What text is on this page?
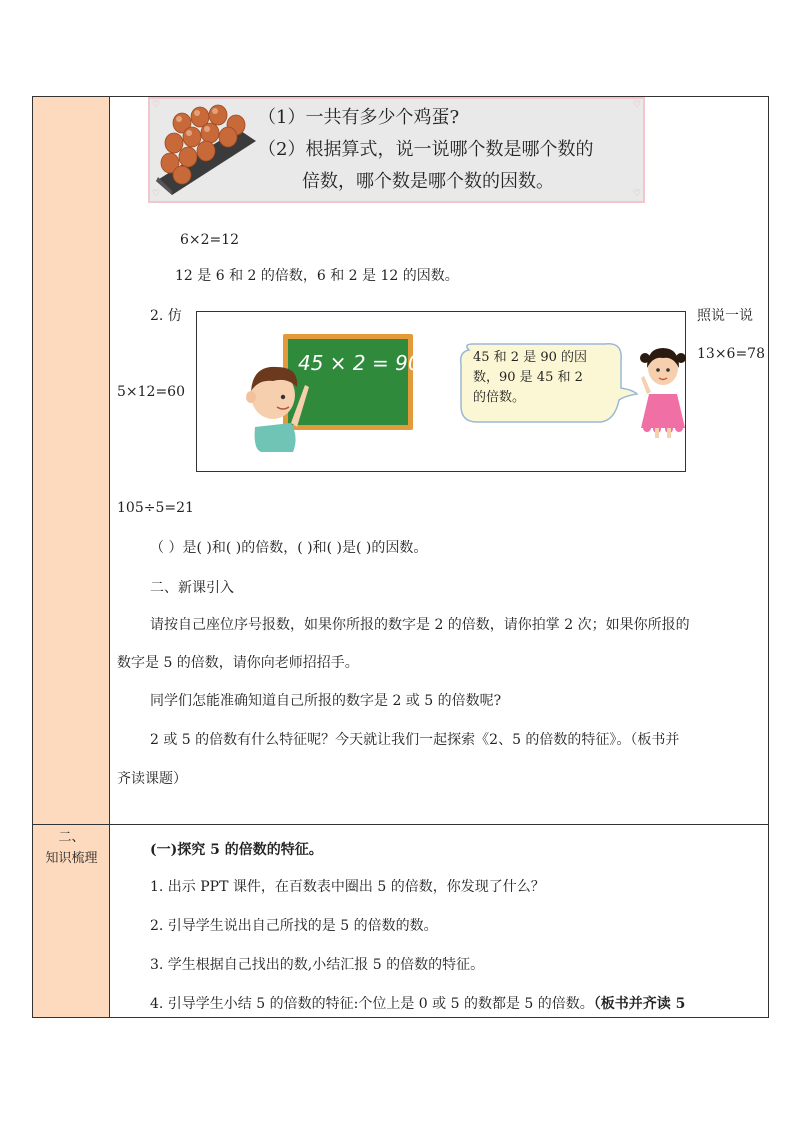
二、
知识梳理
♡	♡
♡	♡
（1）一共有多少个鸡蛋?
（2）根据算式，说一说哪个数是哪个数的
倍数，哪个数是哪个数的因数。
6×2=12
12 是 6 和 2 的倍数，6 和 2 是 12 的因数。
2. 仿	照说一说
13×6=78
5×12=60
45 × 2 = 90	45 和 2 是 90 的因
数，90 是 45 和 2
的倍数。
105÷5=21
（ ）是( )和( )的倍数，( )和( )是( )的因数。
二、新课引入
请按自己座位序号报数，如果你所报的数字是 2 的倍数，请你拍掌 2 次；如果你所报的
数字是 5 的倍数，请你向老师招招手。
同学们怎能准确知道自己所报的数字是 2 或 5 的倍数呢?
2 或 5 的倍数有什么特征呢？今天就让我们一起探索《2、5 的倍数的特征》。（板书并
齐读课题）
(一)探究 5 的倍数的特征。
1. 出示 PPT 课件，在百数表中圈出 5 的倍数，你发现了什么？
2. 引导学生说出自己所找的是 5 的倍数的数。
3. 学生根据自己找出的数,小结汇报 5 的倍数的特征。
4. 引导学生小结 5 的倍数的特征:个位上是 0 或 5 的数都是 5 的倍数。（板书并齐读 5
